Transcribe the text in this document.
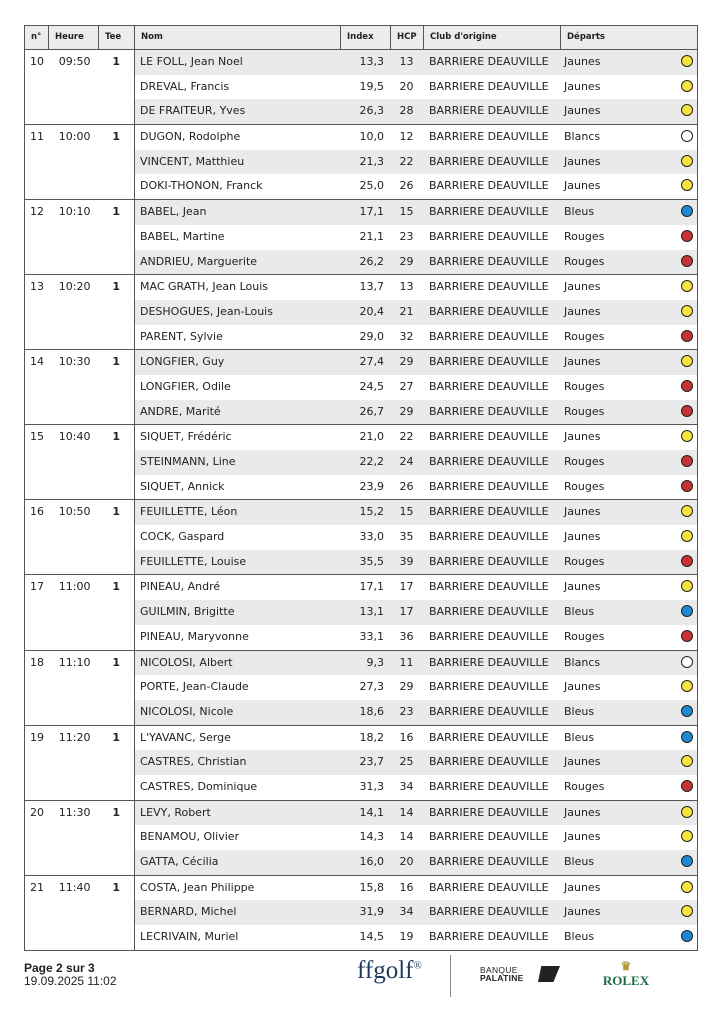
n°	Heure	Tee	Nom	Index	HCP	Club d'origine	Départs
10	09:50	1	LE FOLL, Jean Noel	13,3	13	BARRIERE DEAUVILLE	Jaunes
DREVAL, Francis	19,5	20	BARRIERE DEAUVILLE	Jaunes
DE FRAITEUR, Yves	26,3	28	BARRIERE DEAUVILLE	Jaunes
11	10:00	1	DUGON, Rodolphe	10,0	12	BARRIERE DEAUVILLE	Blancs
VINCENT, Matthieu	21,3	22	BARRIERE DEAUVILLE	Jaunes
DOKI-THONON, Franck	25,0	26	BARRIERE DEAUVILLE	Jaunes
12	10:10	1	BABEL, Jean	17,1	15	BARRIERE DEAUVILLE	Bleus
BABEL, Martine	21,1	23	BARRIERE DEAUVILLE	Rouges
ANDRIEU, Marguerite	26,2	29	BARRIERE DEAUVILLE	Rouges
13	10:20	1	MAC GRATH, Jean Louis	13,7	13	BARRIERE DEAUVILLE	Jaunes
DESHOGUES, Jean-Louis	20,4	21	BARRIERE DEAUVILLE	Jaunes
PARENT, Sylvie	29,0	32	BARRIERE DEAUVILLE	Rouges
14	10:30	1	LONGFIER, Guy	27,4	29	BARRIERE DEAUVILLE	Jaunes
LONGFIER, Odile	24,5	27	BARRIERE DEAUVILLE	Rouges
ANDRE, Marité	26,7	29	BARRIERE DEAUVILLE	Rouges
15	10:40	1	SIQUET, Frédéric	21,0	22	BARRIERE DEAUVILLE	Jaunes
STEINMANN, Line	22,2	24	BARRIERE DEAUVILLE	Rouges
SIQUET, Annick	23,9	26	BARRIERE DEAUVILLE	Rouges
16	10:50	1	FEUILLETTE, Léon	15,2	15	BARRIERE DEAUVILLE	Jaunes
COCK, Gaspard	33,0	35	BARRIERE DEAUVILLE	Jaunes
FEUILLETTE, Louise	35,5	39	BARRIERE DEAUVILLE	Rouges
17	11:00	1	PINEAU, André	17,1	17	BARRIERE DEAUVILLE	Jaunes
GUILMIN, Brigitte	13,1	17	BARRIERE DEAUVILLE	Bleus
PINEAU, Maryvonne	33,1	36	BARRIERE DEAUVILLE	Rouges
18	11:10	1	NICOLOSI, Albert	9,3	11	BARRIERE DEAUVILLE	Blancs
PORTE, Jean-Claude	27,3	29	BARRIERE DEAUVILLE	Jaunes
NICOLOSI, Nicole	18,6	23	BARRIERE DEAUVILLE	Bleus
19	11:20	1	L'YAVANC, Serge	18,2	16	BARRIERE DEAUVILLE	Bleus
CASTRES, Christian	23,7	25	BARRIERE DEAUVILLE	Jaunes
CASTRES, Dominique	31,3	34	BARRIERE DEAUVILLE	Rouges
20	11:30	1	LEVY, Robert	14,1	14	BARRIERE DEAUVILLE	Jaunes
BENAMOU, Olivier	14,3	14	BARRIERE DEAUVILLE	Jaunes
GATTA, Cécilia	16,0	20	BARRIERE DEAUVILLE	Bleus
21	11:40	1	COSTA, Jean Philippe	15,8	16	BARRIERE DEAUVILLE	Jaunes
BERNARD, Michel	31,9	34	BARRIERE DEAUVILLE	Jaunes
LECRIVAIN, Muriel	14,5	19	BARRIERE DEAUVILLE	Bleus
Page 2 sur 3
19.09.2025 11:02	ffgolf®	BANQUE
PALATINE
♛
ROLEX
